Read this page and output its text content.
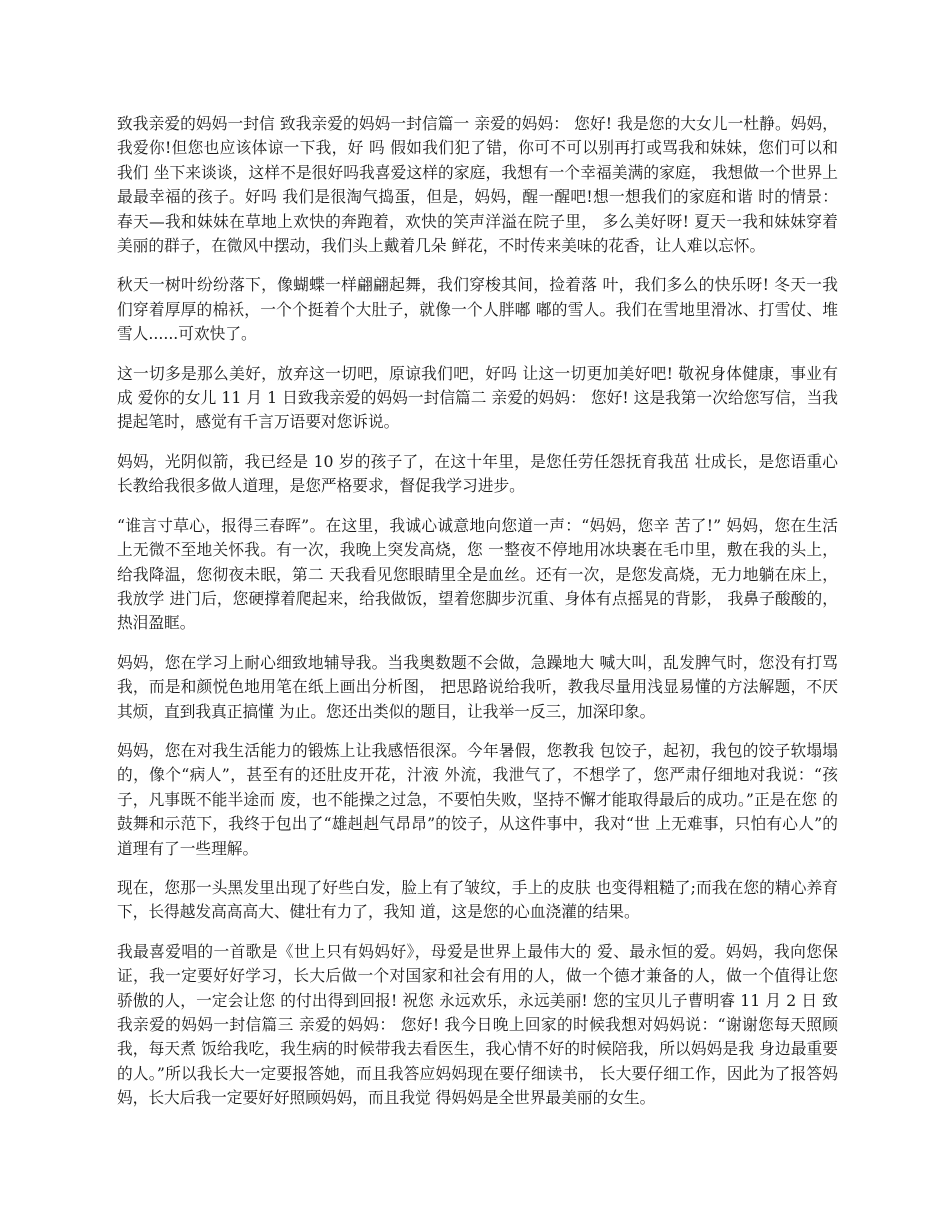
致我亲爱的妈妈一封信 致我亲爱的妈妈一封信篇一 亲爱的妈妈： 您好! 我是您的大女儿一杜静。妈妈，我爱你!但您也应该体谅一下我，好 吗 假如我们犯了错，你可不可以别再打或骂我和妹妹，您们可以和我们 坐下来谈谈，这样不是很好吗我喜爱这样的家庭，我想有一个幸福美满的家庭， 我想做一个世界上最最幸福的孩子。好吗 我们是很淘气捣蛋，但是，妈妈，醒一醒吧!想一想我们的家庭和谐 时的情景：春天—我和妹妹在草地上欢快的奔跑着，欢快的笑声洋溢在院子里， 多么美好呀! 夏天一我和妹妹穿着美丽的群子，在微风中摆动，我们头上戴着几朵 鲜花，不时传来美味的花香，让人难以忘怀。

秋天一树叶纷纷落下，像蝴蝶一样翩翩起舞，我们穿梭其间，捡着落 叶，我们多么的快乐呀! 冬天一我们穿着厚厚的棉袄，一个个挺着个大肚子，就像一个人胖嘟 嘟的雪人。我们在雪地里滑冰、打雪仗、堆雪人......可欢快了。

这一切多是那么美好，放弃这一切吧，原谅我们吧，好吗 让这一切更加美好吧! 敬祝身体健康，事业有成 爱你的女儿 11 月 1 日致我亲爱的妈妈一封信篇二 亲爱的妈妈： 您好! 这是我第一次给您写信，当我提起笔时，感觉有千言万语要对您诉说。

妈妈，光阴似箭，我已经是 10 岁的孩子了，在这十年里，是您任劳任怨抚育我茁 壮成长，是您语重心长教给我很多做人道理，是您严格要求，督促我学习进步。

“谁言寸草心，报得三春晖”。在这里，我诚心诚意地向您道一声：“妈妈，您辛 苦了!” 妈妈，您在生活上无微不至地关怀我。有一次，我晚上突发高烧，您 一整夜不停地用冰块裹在毛巾里，敷在我的头上，给我降温，您彻夜未眠，第二 天我看见您眼睛里全是血丝。还有一次，是您发高烧，无力地躺在床上，我放学 进门后，您硬撑着爬起来，给我做饭，望着您脚步沉重、身体有点摇晃的背影， 我鼻子酸酸的，热泪盈眶。

妈妈，您在学习上耐心细致地辅导我。当我奥数题不会做，急躁地大 喊大叫，乱发脾气时，您没有打骂我，而是和颜悦色地用笔在纸上画出分析图， 把思路说给我听，教我尽量用浅显易懂的方法解题，不厌其烦，直到我真正搞懂 为止。您还出类似的题目，让我举一反三，加深印象。

妈妈，您在对我生活能力的锻炼上让我感悟很深。今年暑假，您教我 包饺子，起初，我包的饺子软塌塌的，像个“病人”，甚至有的还肚皮开花，汁液 外流，我泄气了，不想学了，您严肃仔细地对我说：“孩子，凡事既不能半途而 废，也不能操之过急，不要怕失败，坚持不懈才能取得最后的成功。”正是在您 的鼓舞和示范下，我终于包出了“雄赳赳气昂昂”的饺子，从这件事中，我对“世 上无难事，只怕有心人”的道理有了一些理解。

现在，您那一头黑发里出现了好些白发，脸上有了皱纹，手上的皮肤 也变得粗糙了;而我在您的精心养育下，长得越发高高高大、健壮有力了，我知 道，这是您的心血浇灌的结果。

我最喜爱唱的一首歌是《世上只有妈妈好》，母爱是世界上最伟大的 爱、最永恒的爱。妈妈，我向您保证，我一定要好好学习，长大后做一个对国家和社会有用的人，做一个德才兼备的人，做一个值得让您骄傲的人，一定会让您 的付出得到回报! 祝您 永远欢乐，永远美丽! 您的宝贝儿子曹明睿 11 月 2 日 致我亲爱的妈妈一封信篇三 亲爱的妈妈： 您好! 我今日晚上回家的时候我想对妈妈说：“谢谢您每天照顾我，每天煮 饭给我吃，我生病的时候带我去看医生，我心情不好的时候陪我，所以妈妈是我 身边最重要的人。”所以我长大一定要报答她，而且我答应妈妈现在要仔细读书， 长大要仔细工作，因此为了报答妈妈，长大后我一定要好好照顾妈妈，而且我觉 得妈妈是全世界最美丽的女生。
